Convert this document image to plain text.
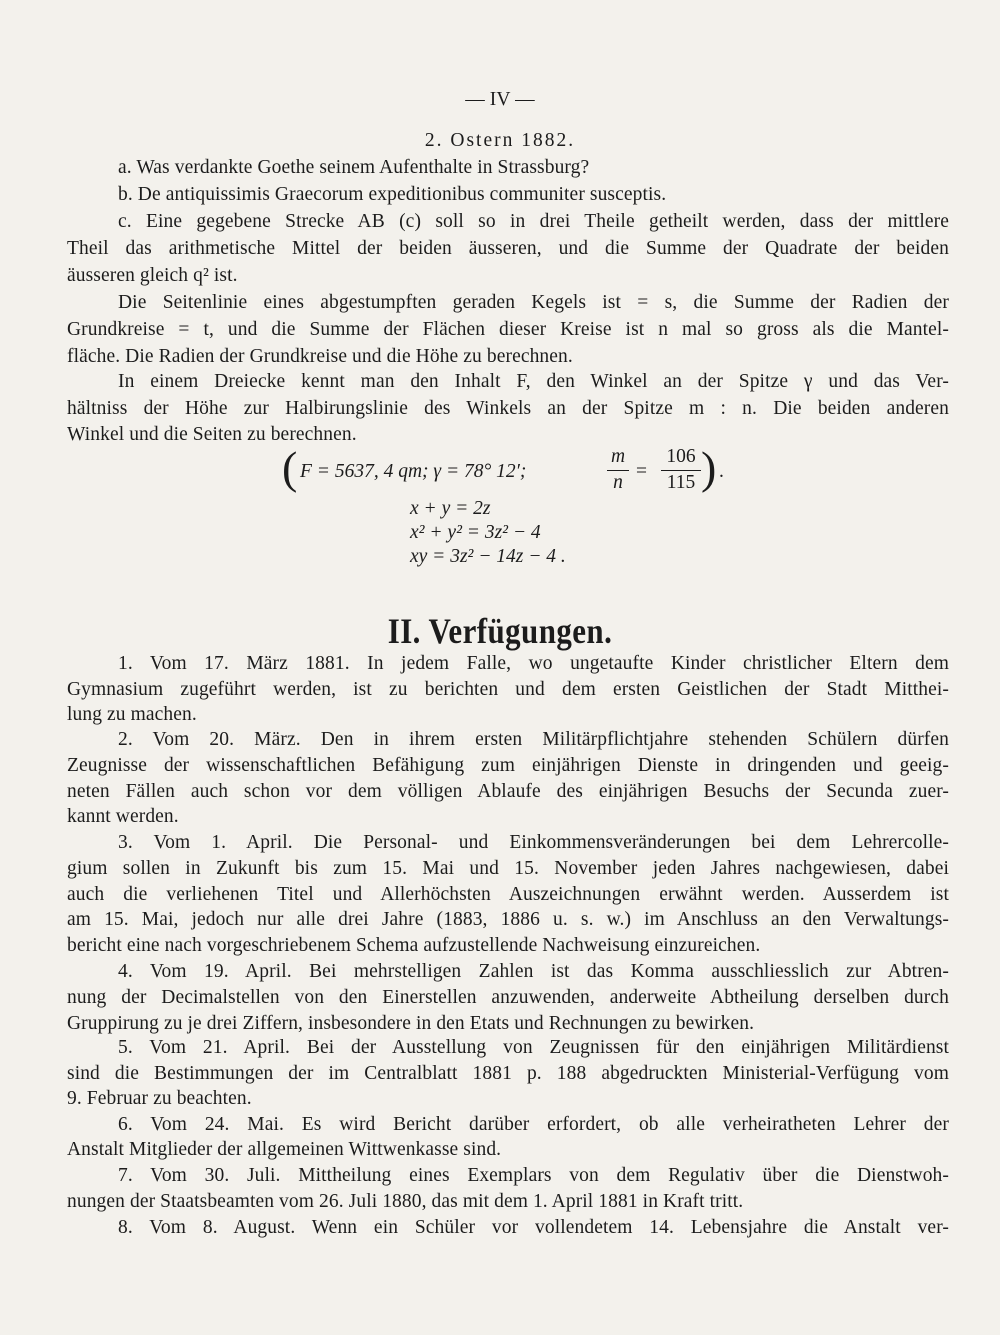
— IV —
2. Ostern 1882.
a. Was verdankte Goethe seinem Aufenthalte in Strassburg?
b. De antiquissimis Graecorum expeditionibus communiter susceptis.
c. Eine gegebene Strecke AB (c) soll so in drei Theile getheilt werden, dass der mittlere
Theil das arithmetische Mittel der beiden äusseren, und die Summe der Quadrate der beiden
äusseren gleich q² ist.
Die Seitenlinie eines abgestumpften geraden Kegels ist = s, die Summe der Radien der
Grundkreise = t, und die Summe der Flächen dieser Kreise ist n mal so gross als die Mantel-
fläche. Die Radien der Grundkreise und die Höhe zu berechnen.
In einem Dreiecke kennt man den Inhalt F, den Winkel an der Spitze γ und das Ver-
hältniss der Höhe zur Halbirungslinie des Winkels an der Spitze m : n. Die beiden anderen
Winkel und die Seiten zu berechnen.
( F = 5637, 4 qm; γ = 78° 12′;
m
n
=
106
115 ) .
x + y = 2z
x² + y² = 3z² − 4
xy = 3z² − 14z − 4 .
II. Verfügungen.
1. Vom 17. März 1881. In jedem Falle, wo ungetaufte Kinder christlicher Eltern dem
Gymnasium zugeführt werden, ist zu berichten und dem ersten Geistlichen der Stadt Mitthei-
lung zu machen.
2. Vom 20. März. Den in ihrem ersten Militärpflichtjahre stehenden Schülern dürfen
Zeugnisse der wissenschaftlichen Befähigung zum einjährigen Dienste in dringenden und geeig-
neten Fällen auch schon vor dem völligen Ablaufe des einjährigen Besuchs der Secunda zuer-
kannt werden.
3. Vom 1. April. Die Personal- und Einkommensveränderungen bei dem Lehrercolle-
gium sollen in Zukunft bis zum 15. Mai und 15. November jeden Jahres nachgewiesen, dabei
auch die verliehenen Titel und Allerhöchsten Auszeichnungen erwähnt werden. Ausserdem ist
am 15. Mai, jedoch nur alle drei Jahre (1883, 1886 u. s. w.) im Anschluss an den Verwaltungs-
bericht eine nach vorgeschriebenem Schema aufzustellende Nachweisung einzureichen.
4. Vom 19. April. Bei mehrstelligen Zahlen ist das Komma ausschliesslich zur Abtren-
nung der Decimalstellen von den Einerstellen anzuwenden, anderweite Abtheilung derselben durch
Gruppirung zu je drei Ziffern, insbesondere in den Etats und Rechnungen zu bewirken.
5. Vom 21. April. Bei der Ausstellung von Zeugnissen für den einjährigen Militärdienst
sind die Bestimmungen der im Centralblatt 1881 p. 188 abgedruckten Ministerial-Verfügung vom
9. Februar zu beachten.
6. Vom 24. Mai. Es wird Bericht darüber erfordert, ob alle verheiratheten Lehrer der
Anstalt Mitglieder der allgemeinen Wittwenkasse sind.
7. Vom 30. Juli. Mittheilung eines Exemplars von dem Regulativ über die Dienstwoh-
nungen der Staatsbeamten vom 26. Juli 1880, das mit dem 1. April 1881 in Kraft tritt.
8. Vom 8. August. Wenn ein Schüler vor vollendetem 14. Lebensjahre die Anstalt ver-
